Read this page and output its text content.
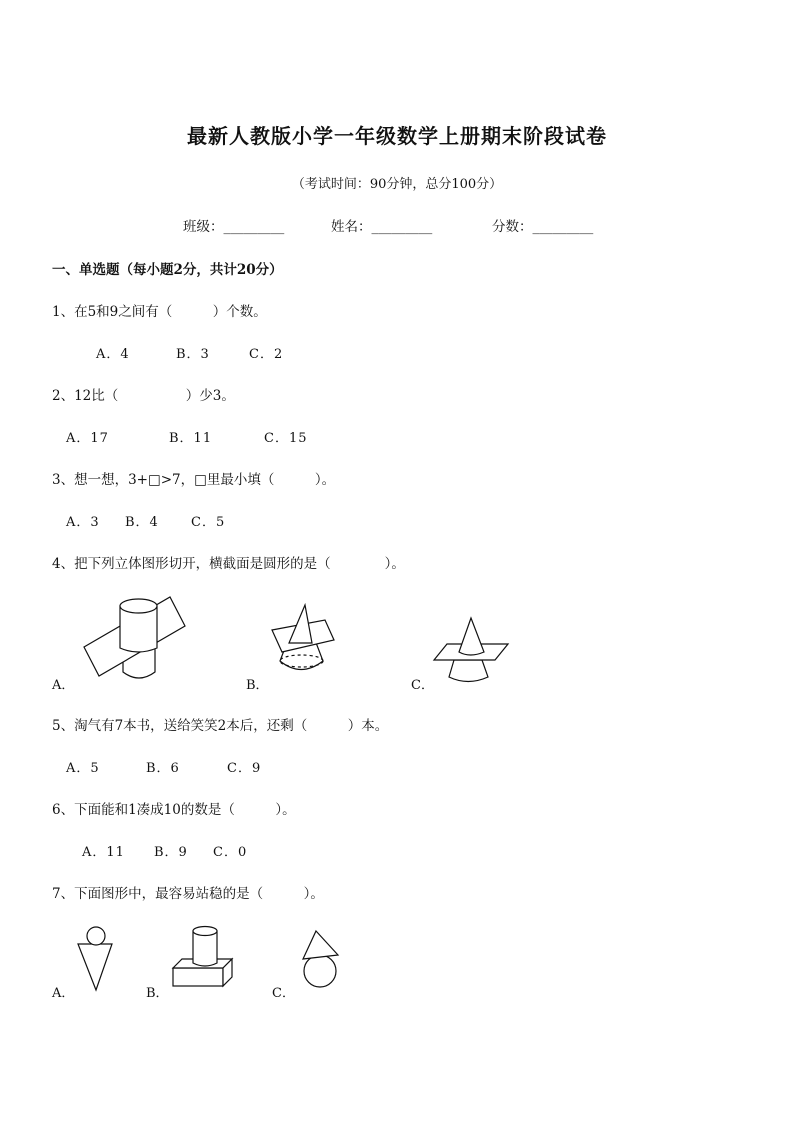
最新人教版小学一年级数学上册期末阶段试卷
（考试时间：90分钟，总分100分）
班级：_________	姓名：_________	分数：_________
一、单选题（每小题2分，共计20分）
1、在5和9之间有（　　　）个数。
A．4	B．3	C．2
2、12比（　　　　　）少3。
A．17	B．11	C．15
3、想一想，3+□>7，□里最小填（　　　）。
A．3 B．4 C．5
4、把下列立体图形切开，横截面是圆形的是（　　　　）。
A．	B．	C．
5、淘气有7本书，送给笑笑2本后，还剩（　　　）本。
A．5	B．6	C．9
6、下面能和1凑成10的数是（　　　）。
A．11 B．9 C．0
7、下面图形中，最容易站稳的是（　　　）。
A．	B．	C．
